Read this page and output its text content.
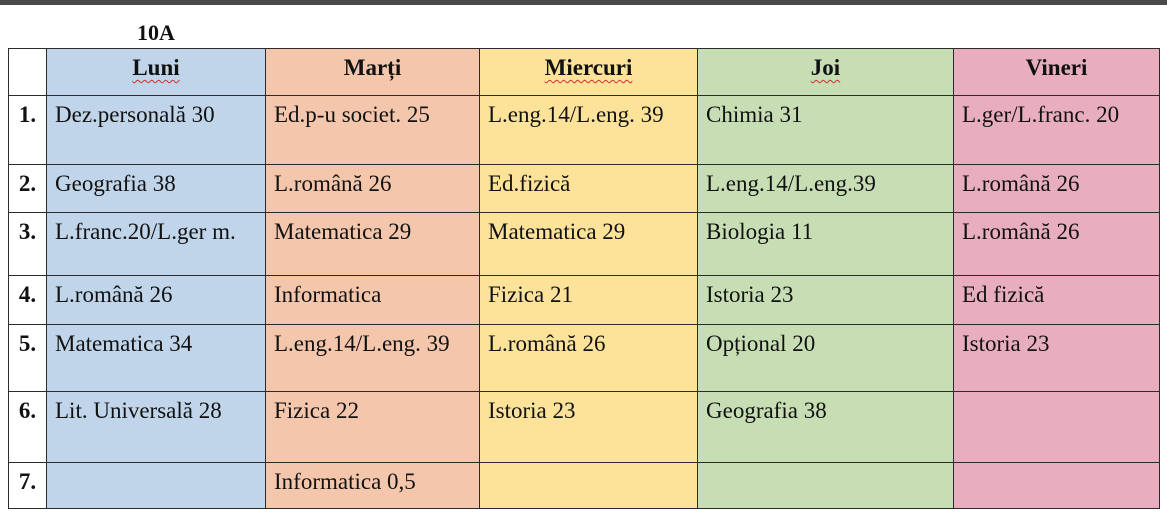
10A
	Luni	Marți	Miercuri	Joi	Vineri
1.	Dez.personală 30	Ed.p-u societ. 25	L.eng.14/L.eng. 39	Chimia 31	L.ger/L.franc. 20
2.	Geografia 38	L.română 26	Ed.fizică	L.eng.14/L.eng.39	L.română 26
3.	L.franc.20/L.ger m.	Matematica 29	Matematica 29	Biologia 11	L.română 26
4.	L.română 26	Informatica	Fizica 21	Istoria 23	Ed fizică
5.	Matematica 34	L.eng.14/L.eng. 39	L.română 26	Opțional 20	Istoria 23
6.	Lit. Universală 28	Fizica 22	Istoria 23	Geografia 38	
7.		Informatica 0,5			
